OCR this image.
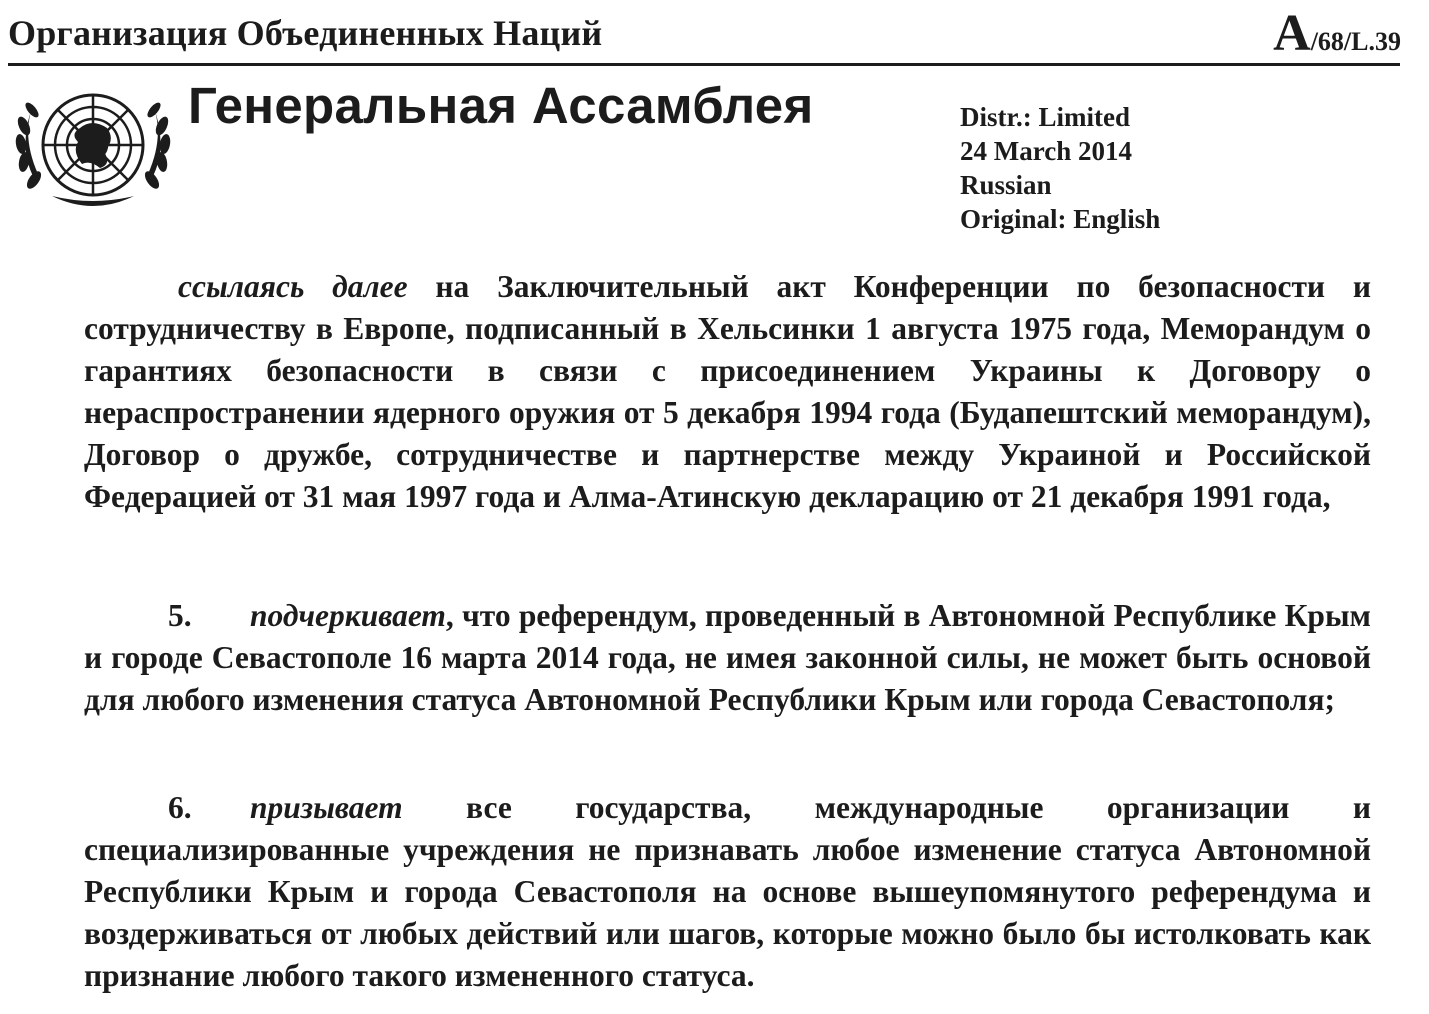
Организация Объединенных Наций	A/68/L.39
Генеральная Ассамблея	Distr.: Limited
24 March 2014
Russian
Original: English
ссылаясь далее на Заключительный акт Конференции по безопасности и сотрудничеству в Европе, подписанный в Хельсинки 1 августа 1975 года, Меморандум о гарантиях безопасности в связи с присоединением Украины к Договору о нераспространении ядерного оружия от 5 декабря 1994 года (Будапештский меморандум), Договор о дружбе, сотрудничестве и партнерстве между Украиной и Российской Федерацией от 31 мая 1997 года и Алма-Атинскую декларацию от 21 декабря 1991 года,
5. подчеркивает, что референдум, проведенный в Автономной Республике Крым и городе Севастополе 16 марта 2014 года, не имея законной силы, не может быть основой для любого изменения статуса Автономной Республики Крым или города Севастополя;
6. призывает все государства, международные организации и специализированные учреждения не признавать любое изменение статуса Автономной Республики Крым и города Севастополя на основе вышеупомянутого референдума и воздерживаться от любых действий или шагов, которые можно было бы истолковать как признание любого такого измененного статуса.
